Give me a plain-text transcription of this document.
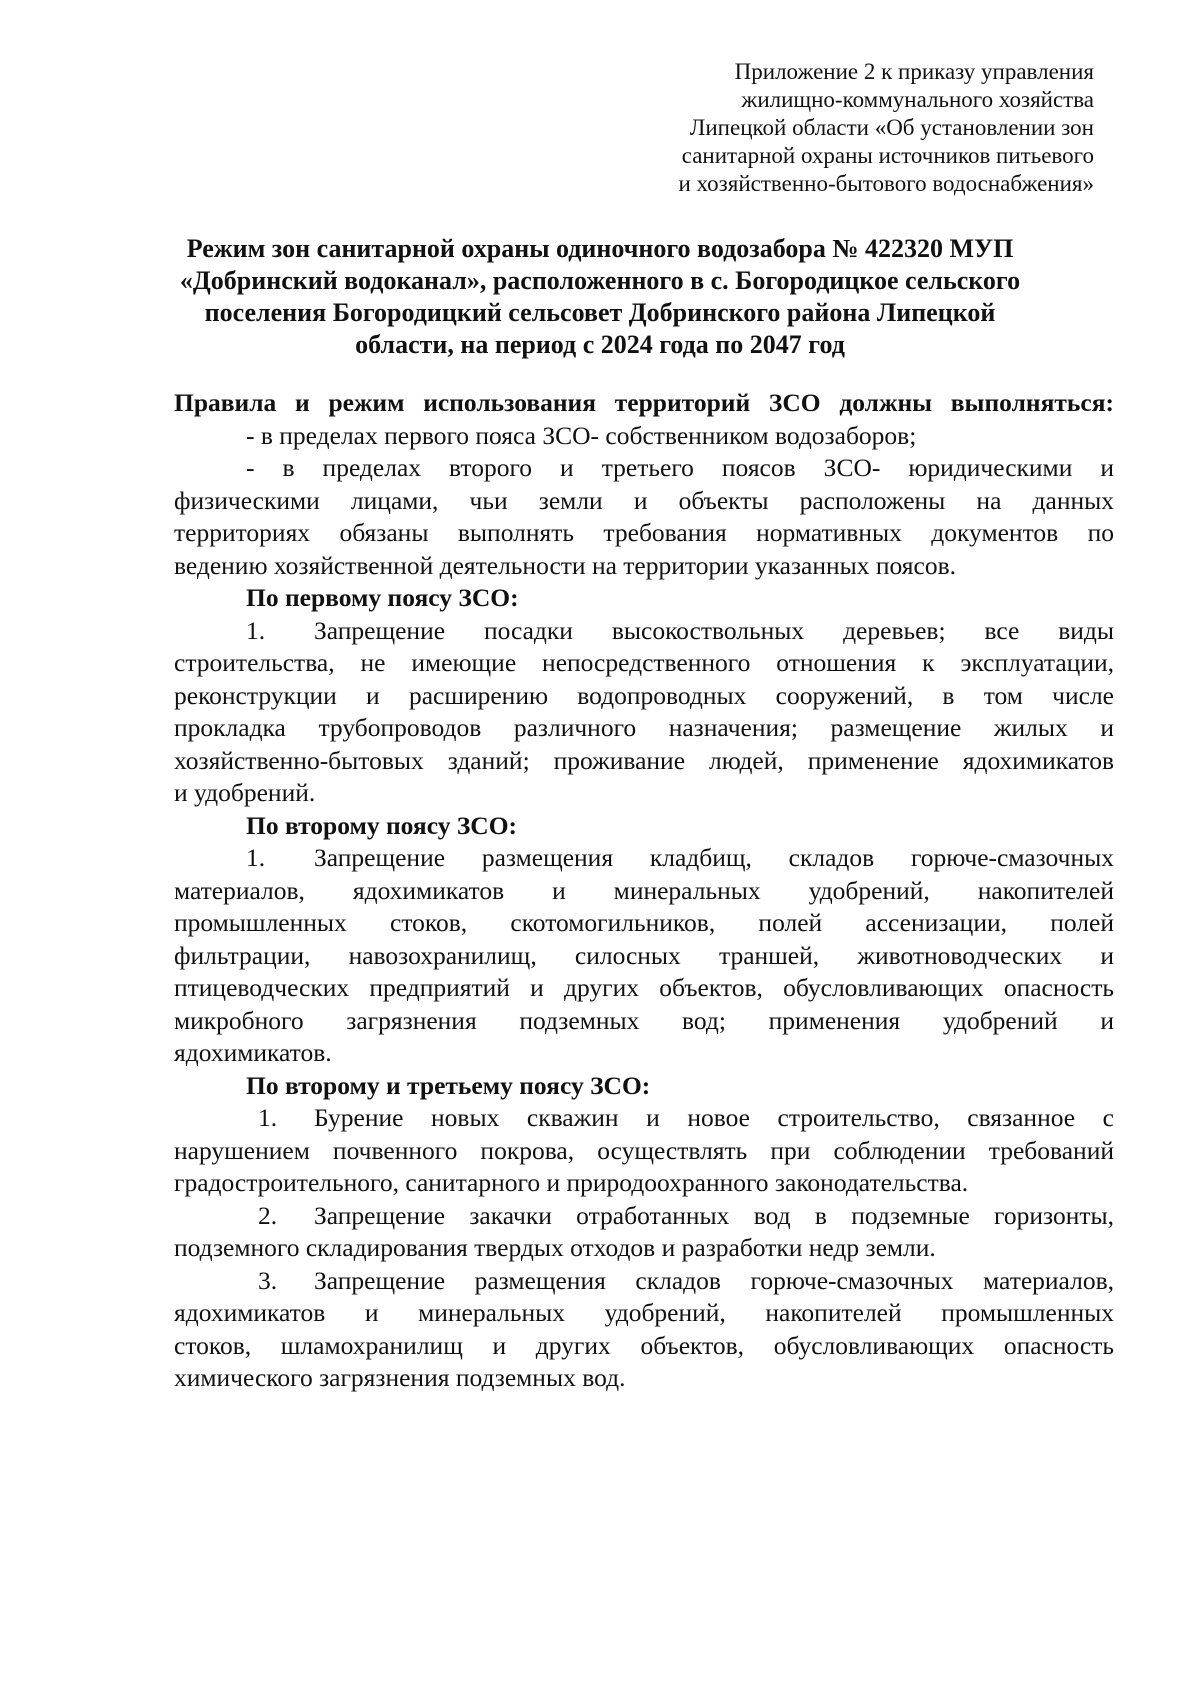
Приложение 2 к приказу управления
жилищно-коммунального хозяйства
Липецкой области «Об установлении зон
санитарной охраны источников питьевого
и хозяйственно-бытового водоснабжения»
Режим зон санитарной охраны одиночного водозабора № 422320 МУП
«Добринский водоканал», расположенного в с. Богородицкое сельского
поселения Богородицкий сельсовет Добринского района Липецкой
области, на период с 2024 года по 2047 год
Правила и режим использования территорий ЗСО должны выполняться:
- в пределах первого пояса ЗСО- собственником водозаборов;
- в пределах второго и третьего поясов ЗСО- юридическими и
физическими лицами, чьи земли и объекты расположены на данных
территориях обязаны выполнять требования нормативных документов по
ведению хозяйственной деятельности на территории указанных поясов.
По первому поясу ЗСО:
1.	Запрещение посадки высокоствольных деревьев; все виды
строительства, не имеющие непосредственного отношения к эксплуатации,
реконструкции и расширению водопроводных сооружений, в том числе
прокладка трубопроводов различного назначения; размещение жилых и
хозяйственно-бытовых зданий; проживание людей, применение ядохимикатов
и удобрений.
По второму поясу ЗСО:
1.	Запрещение размещения кладбищ, складов горюче-смазочных
материалов, ядохимикатов и минеральных удобрений, накопителей
промышленных стоков, скотомогильников, полей ассенизации, полей
фильтрации, навозохранилищ, силосных траншей, животноводческих и
птицеводческих предприятий и других объектов, обусловливающих опасность
микробного загрязнения подземных вод; применения удобрений и
ядохимикатов.
По второму и третьему поясу ЗСО:
1.	Бурение новых скважин и новое строительство, связанное с
нарушением почвенного покрова, осуществлять при соблюдении требований
градостроительного, санитарного и природоохранного законодательства.
2.	Запрещение закачки отработанных вод в подземные горизонты,
подземного складирования твердых отходов и разработки недр земли.
3.	Запрещение размещения складов горюче-смазочных материалов,
ядохимикатов и минеральных удобрений, накопителей промышленных
стоков, шламохранилищ и других объектов, обусловливающих опасность
химического загрязнения подземных вод.
